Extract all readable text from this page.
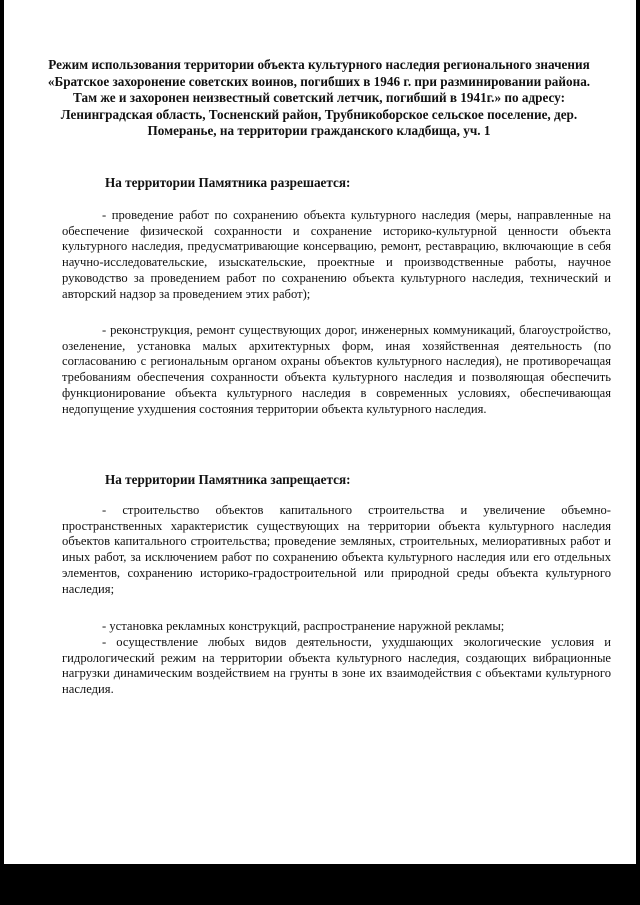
Режим использования территории объекта культурного наследия регионального значения «Братское захоронение советских воинов, погибших в 1946 г. при разминировании района. Там же и захоронен неизвестный советский летчик, погибший в 1941г.» по адресу: Ленинградская область, Тосненский район, Трубникоборское сельское поселение, дер. Померанье, на территории гражданского кладбища, уч. 1

На территории Памятника разрешается:

- проведение работ по сохранению объекта культурного наследия (меры, направленные на обеспечение физической сохранности и сохранение историко-культурной ценности объекта культурного наследия, предусматривающие консервацию, ремонт, реставрацию, включающие в себя научно-исследовательские, изыскательские, проектные и производственные работы, научное руководство за проведением работ по сохранению объекта культурного наследия, технический и авторский надзор за проведением этих работ);

- реконструкция, ремонт существующих дорог, инженерных коммуникаций, благоустройство, озеленение, установка малых архитектурных форм, иная хозяйственная деятельность (по согласованию с региональным органом охраны объектов культурного наследия), не противоречащая требованиям обеспечения сохранности объекта культурного наследия и позволяющая обеспечить функционирование объекта культурного наследия в современных условиях, обеспечивающая недопущение ухудшения состояния территории объекта культурного наследия.

На территории Памятника запрещается:

- строительство объектов капитального строительства и увеличение объемно-пространственных характеристик существующих на территории объекта культурного наследия объектов капитального строительства; проведение земляных, строительных, мелиоративных работ и иных работ, за исключением работ по сохранению объекта культурного наследия или его отдельных элементов, сохранению историко-градостроительной или природной среды объекта культурного наследия;

- установка рекламных конструкций, распространение наружной рекламы;

- осуществление любых видов деятельности, ухудшающих экологические условия и гидрологический режим на территории объекта культурного наследия, создающих вибрационные нагрузки динамическим воздействием на грунты в зоне их взаимодействия с объектами культурного наследия.
